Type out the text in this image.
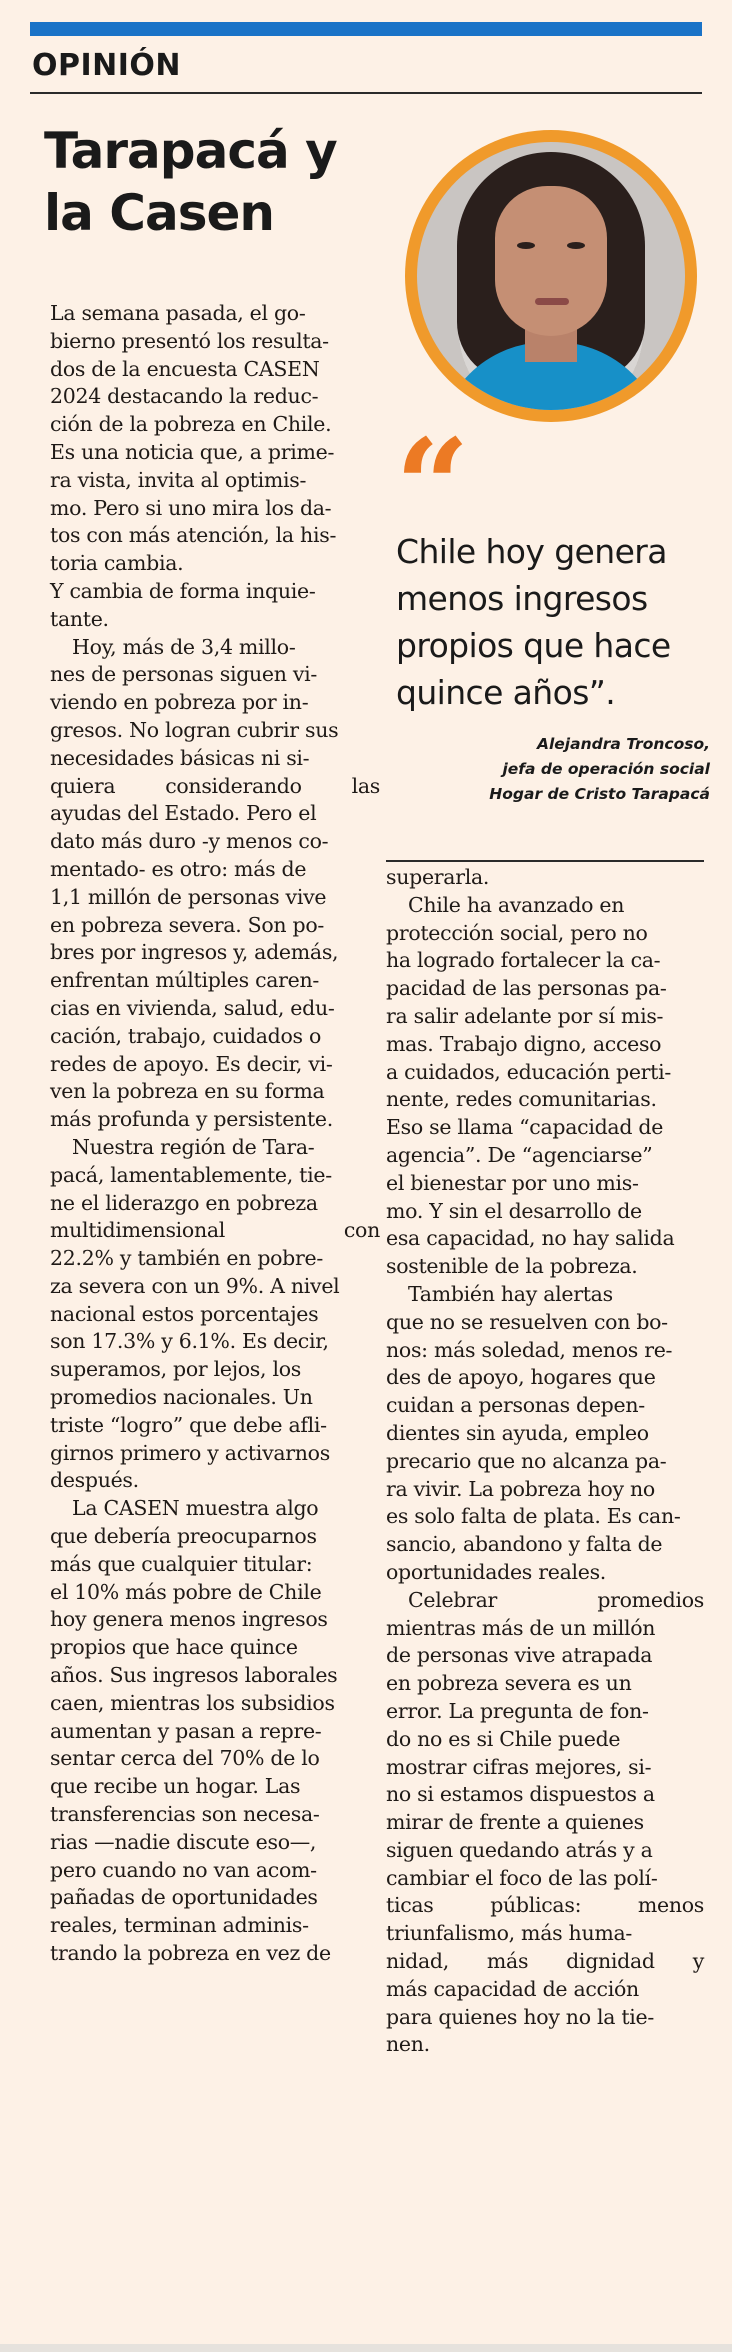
OPINIÓN
Tarapacá y
la Casen
“
Chile hoy genera
menos ingresos
propios que hace
quince años”.
Alejandra Troncoso,
jefa de operación social
Hogar de Cristo Tarapacá
La semana pasada, el go-
bierno presentó los resulta-
dos de la encuesta CASEN
2024 destacando la reduc-
ción de la pobreza en Chile.
Es una noticia que, a prime-
ra vista, invita al optimis-
mo. Pero si uno mira los da-
tos con más atención, la his-
toria cambia.
Y cambia de forma inquie-
tante.
Hoy, más de 3,4 millo-
nes de personas siguen vi-
viendo en pobreza por in-
gresos. No logran cubrir sus
necesidades básicas ni si-
quiera considerando las
ayudas del Estado. Pero el
dato más duro -y menos co-
mentado- es otro: más de
1,1 millón de personas vive
en pobreza severa. Son po-
bres por ingresos y, además,
enfrentan múltiples caren-
cias en vivienda, salud, edu-
cación, trabajo, cuidados o
redes de apoyo. Es decir, vi-
ven la pobreza en su forma
más profunda y persistente.
Nuestra región de Tara-
pacá, lamentablemente, tie-
ne el liderazgo en pobreza
multidimensional	con
22.2% y también en pobre-
za severa con un 9%. A nivel
nacional estos porcentajes
son 17.3% y 6.1%. Es decir,
superamos, por lejos, los
promedios nacionales. Un
triste “logro” que debe afli-
girnos primero y activarnos
después.
La CASEN muestra algo
que debería preocuparnos
más que cualquier titular:
el 10% más pobre de Chile
hoy genera menos ingresos
propios que hace quince
años. Sus ingresos laborales
caen, mientras los subsidios
aumentan y pasan a repre-
sentar cerca del 70% de lo
que recibe un hogar. Las
transferencias son necesa-
rias —nadie discute eso—,
pero cuando no van acom-
pañadas de oportunidades
reales, terminan adminis-
trando la pobreza en vez de
superarla.
Chile ha avanzado en
protección social, pero no
ha logrado fortalecer la ca-
pacidad de las personas pa-
ra salir adelante por sí mis-
mas. Trabajo digno, acceso
a cuidados, educación perti-
nente, redes comunitarias.
Eso se llama “capacidad de
agencia”. De “agenciarse”
el bienestar por uno mis-
mo. Y sin el desarrollo de
esa capacidad, no hay salida
sostenible de la pobreza.
También hay alertas
que no se resuelven con bo-
nos: más soledad, menos re-
des de apoyo, hogares que
cuidan a personas depen-
dientes sin ayuda, empleo
precario que no alcanza pa-
ra vivir. La pobreza hoy no
es solo falta de plata. Es can-
sancio, abandono y falta de
oportunidades reales.
Celebrar	promedios
mientras más de un millón
de personas vive atrapada
en pobreza severa es un
error. La pregunta de fon-
do no es si Chile puede
mostrar cifras mejores, si-
no si estamos dispuestos a
mirar de frente a quienes
siguen quedando atrás y a
cambiar el foco de las polí-
ticas	públicas:	menos
triunfalismo, más huma-
nidad, más dignidad y
más capacidad de acción
para quienes hoy no la tie-
nen.
